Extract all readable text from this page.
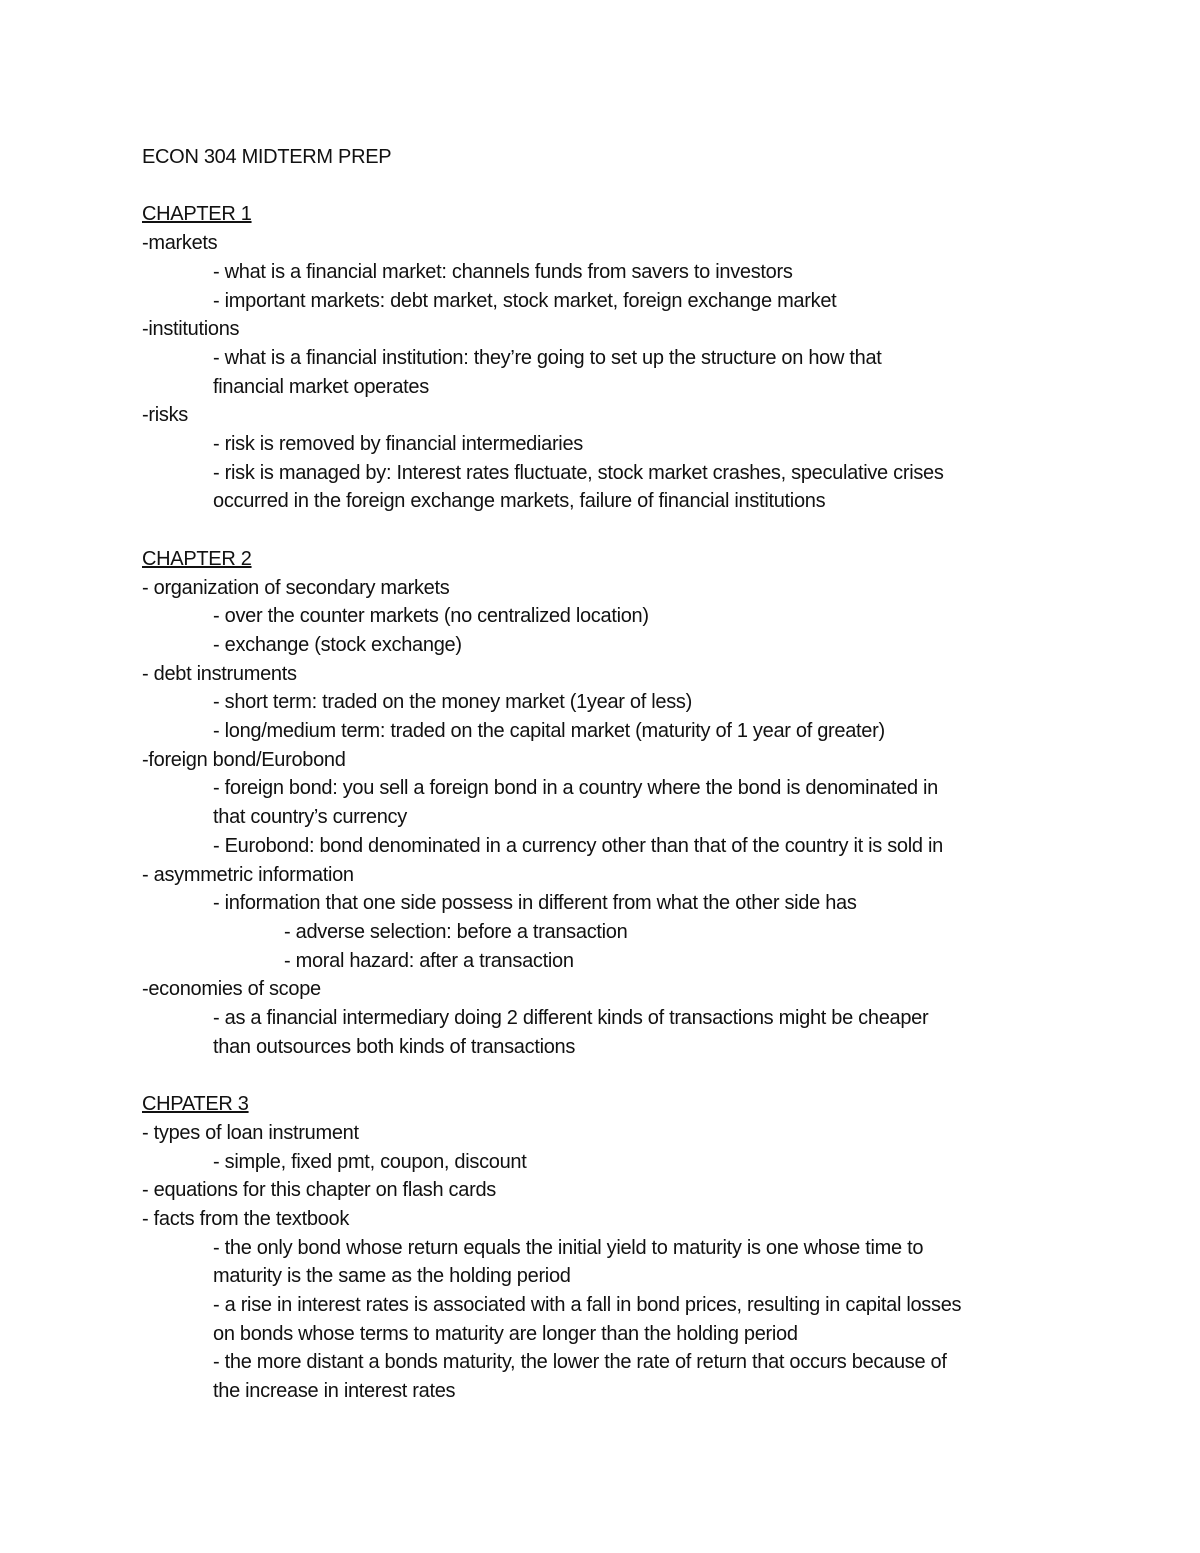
ECON 304 MIDTERM PREP
CHAPTER 1
-markets
- what is a financial market: channels funds from savers to investors
- important markets: debt market, stock market, foreign exchange market
-institutions
- what is a financial institution: they’re going to set up the structure on how that
financial market operates
-risks
- risk is removed by financial intermediaries
- risk is managed by: Interest rates fluctuate, stock market crashes, speculative crises
occurred in the foreign exchange markets, failure of financial institutions
CHAPTER 2
- organization of secondary markets
- over the counter markets (no centralized location)
- exchange (stock exchange)
- debt instruments
- short term: traded on the money market (1year of less)
- long/medium term: traded on the capital market (maturity of 1 year of greater)
-foreign bond/Eurobond
- foreign bond: you sell a foreign bond in a country where the bond is denominated in
that country’s currency
- Eurobond: bond denominated in a currency other than that of the country it is sold in
- asymmetric information
- information that one side possess in different from what the other side has
- adverse selection: before a transaction
- moral hazard: after a transaction
-economies of scope
- as a financial intermediary doing 2 different kinds of transactions might be cheaper
than outsources both kinds of transactions
CHPATER 3
- types of loan instrument
- simple, fixed pmt, coupon, discount
- equations for this chapter on flash cards
- facts from the textbook
- the only bond whose return equals the initial yield to maturity is one whose time to
maturity is the same as the holding period
- a rise in interest rates is associated with a fall in bond prices, resulting in capital losses
on bonds whose terms to maturity are longer than the holding period
- the more distant a bonds maturity, the lower the rate of return that occurs because of
the increase in interest rates
